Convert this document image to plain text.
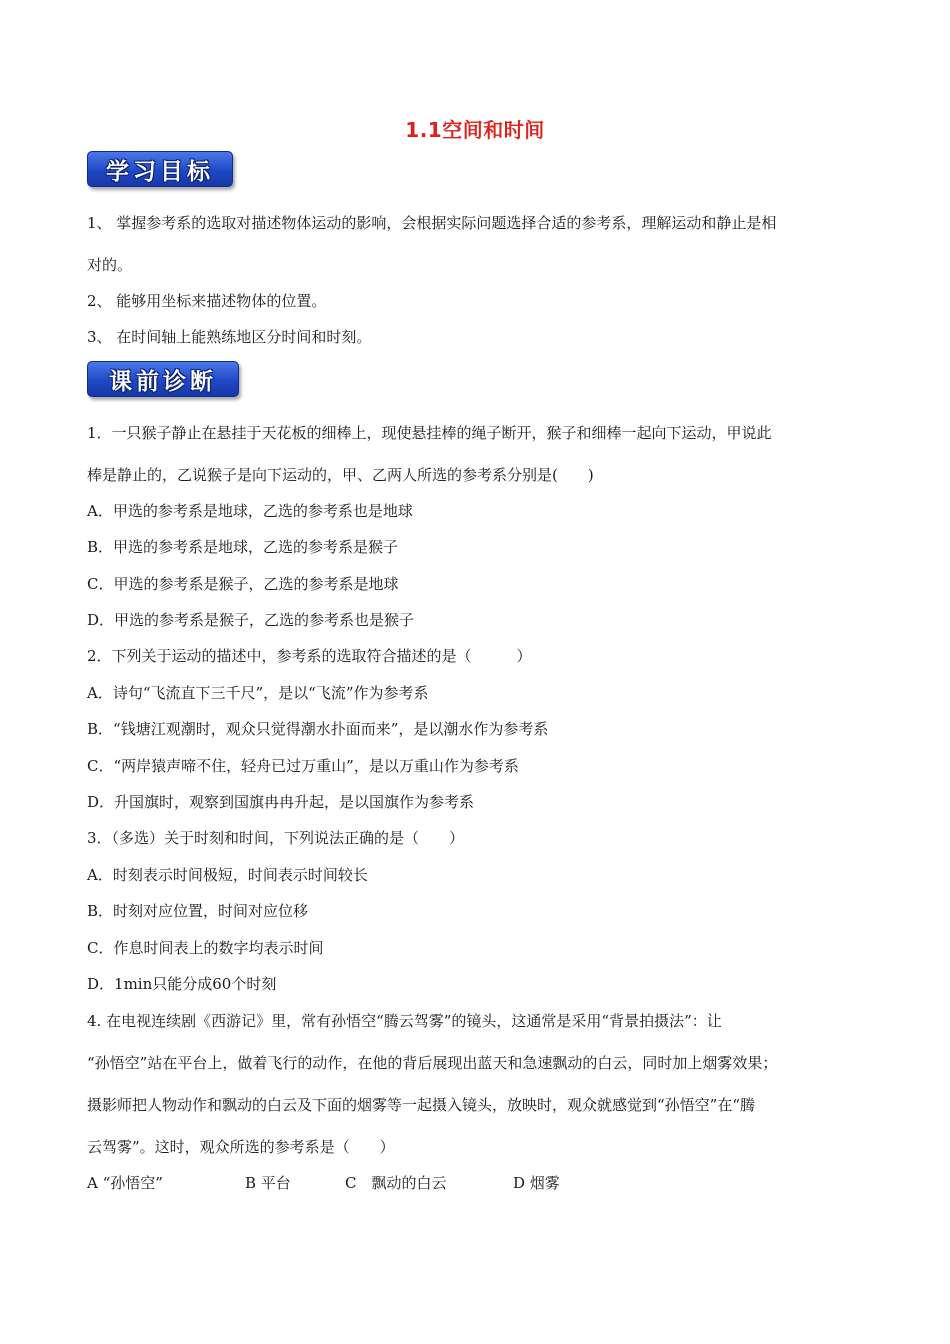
1.1空间和时间
学习目标
1、 掌握参考系的选取对描述物体运动的影响，会根据实际问题选择合适的参考系，理解运动和静止是相
对的。
2、 能够用坐标来描述物体的位置。
3、 在时间轴上能熟练地区分时间和时刻。
课前诊断
1．一只猴子静止在悬挂于天花板的细棒上，现使悬挂棒的绳子断开，猴子和细棒一起向下运动，甲说此
棒是静止的，乙说猴子是向下运动的，甲、乙两人所选的参考系分别是(　　)
A．甲选的参考系是地球，乙选的参考系也是地球
B．甲选的参考系是地球，乙选的参考系是猴子
C．甲选的参考系是猴子，乙选的参考系是地球
D．甲选的参考系是猴子，乙选的参考系也是猴子
2．下列关于运动的描述中，参考系的选取符合描述的是（　　　）
A．诗句“飞流直下三千尺”，是以“飞流”作为参考系
B．“钱塘江观潮时，观众只觉得潮水扑面而来”，是以潮水作为参考系
C．“两岸猿声啼不住，轻舟已过万重山”，是以万重山作为参考系
D．升国旗时，观察到国旗冉冉升起，是以国旗作为参考系
3．（多选）关于时刻和时间，下列说法正确的是（　　）
A．时刻表示时间极短，时间表示时间较长
B．时刻对应位置，时间对应位移
C．作息时间表上的数字均表示时间
D．1min只能分成60个时刻
4. 在电视连续剧《西游记》里，常有孙悟空“腾云驾雾”的镜头，这通常是采用“背景拍摄法”：让
“孙悟空”站在平台上，做着飞行的动作，在他的背后展现出蓝天和急速飘动的白云，同时加上烟雾效果；
摄影师把人物动作和飘动的白云及下面的烟雾等一起摄入镜头，放映时，观众就感觉到“孙悟空”在“腾
云驾雾”。这时，观众所选的参考系是（　　）
A “孙悟空”	B 平台	C　飘动的白云	D 烟雾
